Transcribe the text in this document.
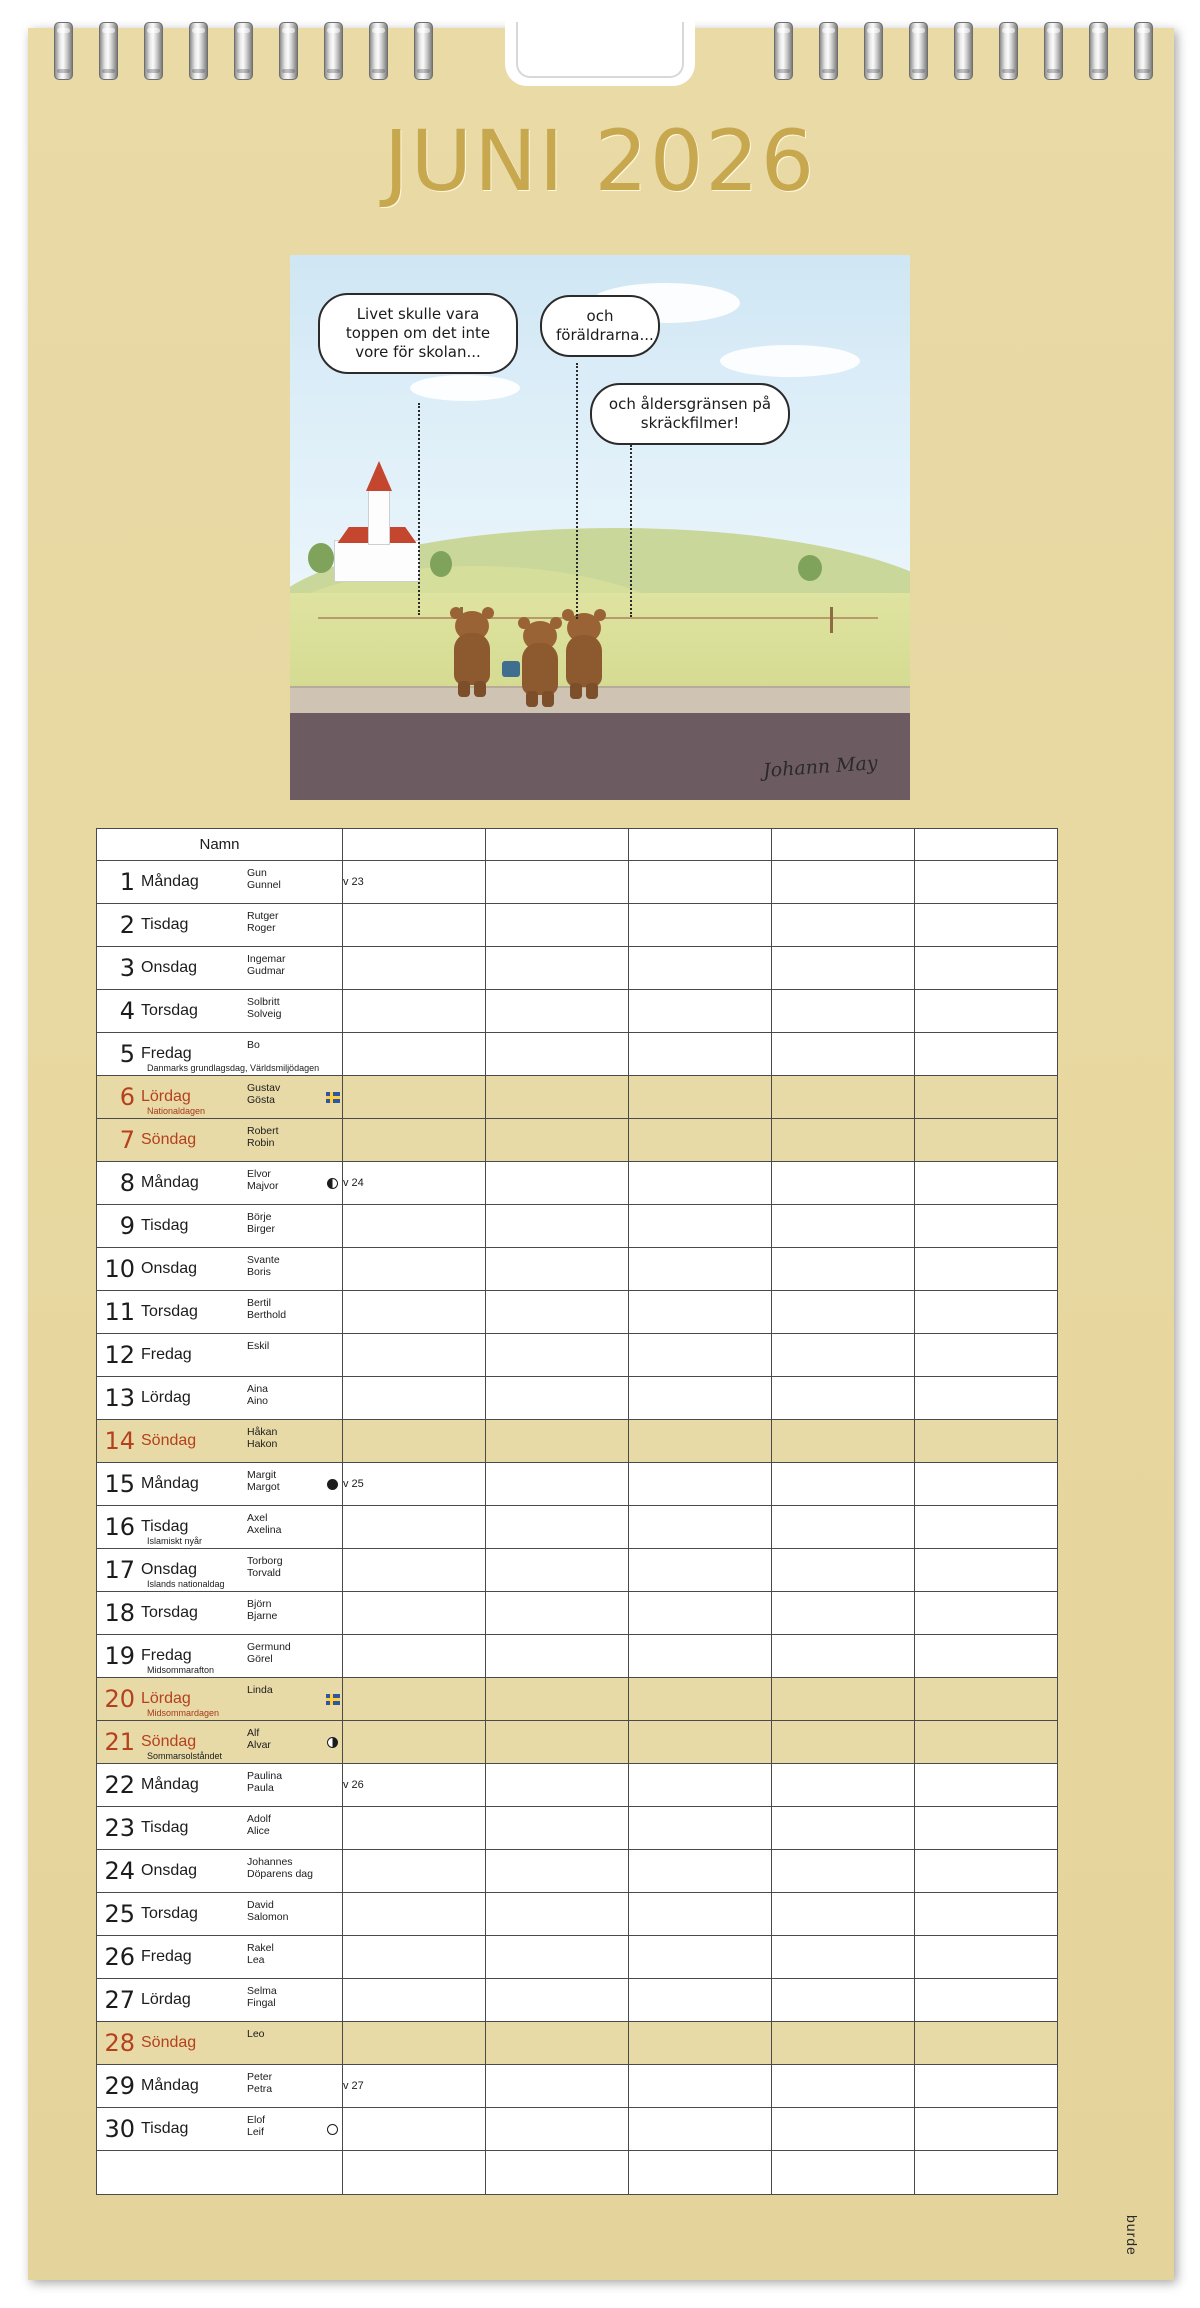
JUNI 2026
Livet skulle vara toppen om det inte vore för skolan...
och föräldrarna...
och åldersgränsen på skräckfilmer!
Johann May
Namn					
1 Måndag Gun
Gunnel	v 23				
2 Tisdag Rutger
Roger					

3 Onsdag Ingemar
Gudmar					

4 Torsdag Solbritt
Solveig					

5 Fredag Bo
Danmarks grundlagsdag, Världsmiljödagen					

6 Lördag Gustav
Gösta
Nationaldagen					

7 Söndag Robert
Robin					

8 Måndag Elvor
Majvor	v 24				
9 Tisdag Börje
Birger					

10 Onsdag Svante
Boris					

11 Torsdag Bertil
Berthold					

12 Fredag Eskil					

13 Lördag Aina
Aino					

14 Söndag Håkan
Hakon					

15 Måndag Margit
Margot	v 25				
16 Tisdag Axel
Axelina
Islamiskt nyår					

17 Onsdag Torborg
Torvald
Islands nationaldag					

18 Torsdag Björn
Bjarne					

19 Fredag Germund
Görel
Midsommarafton					

20 Lördag Linda
Midsommardagen					

21 Söndag Alf
Alvar
Sommarsolståndet					

22 Måndag Paulina
Paula	v 26				
23 Tisdag Adolf
Alice					

24 Onsdag Johannes
Döparens dag					

25 Torsdag David
Salomon					

26 Fredag Rakel
Lea					

27 Lördag Selma
Fingal					

28 Söndag Leo					

29 Måndag Peter
Petra	v 27				
30 Tisdag Elof
Leif					

burde
